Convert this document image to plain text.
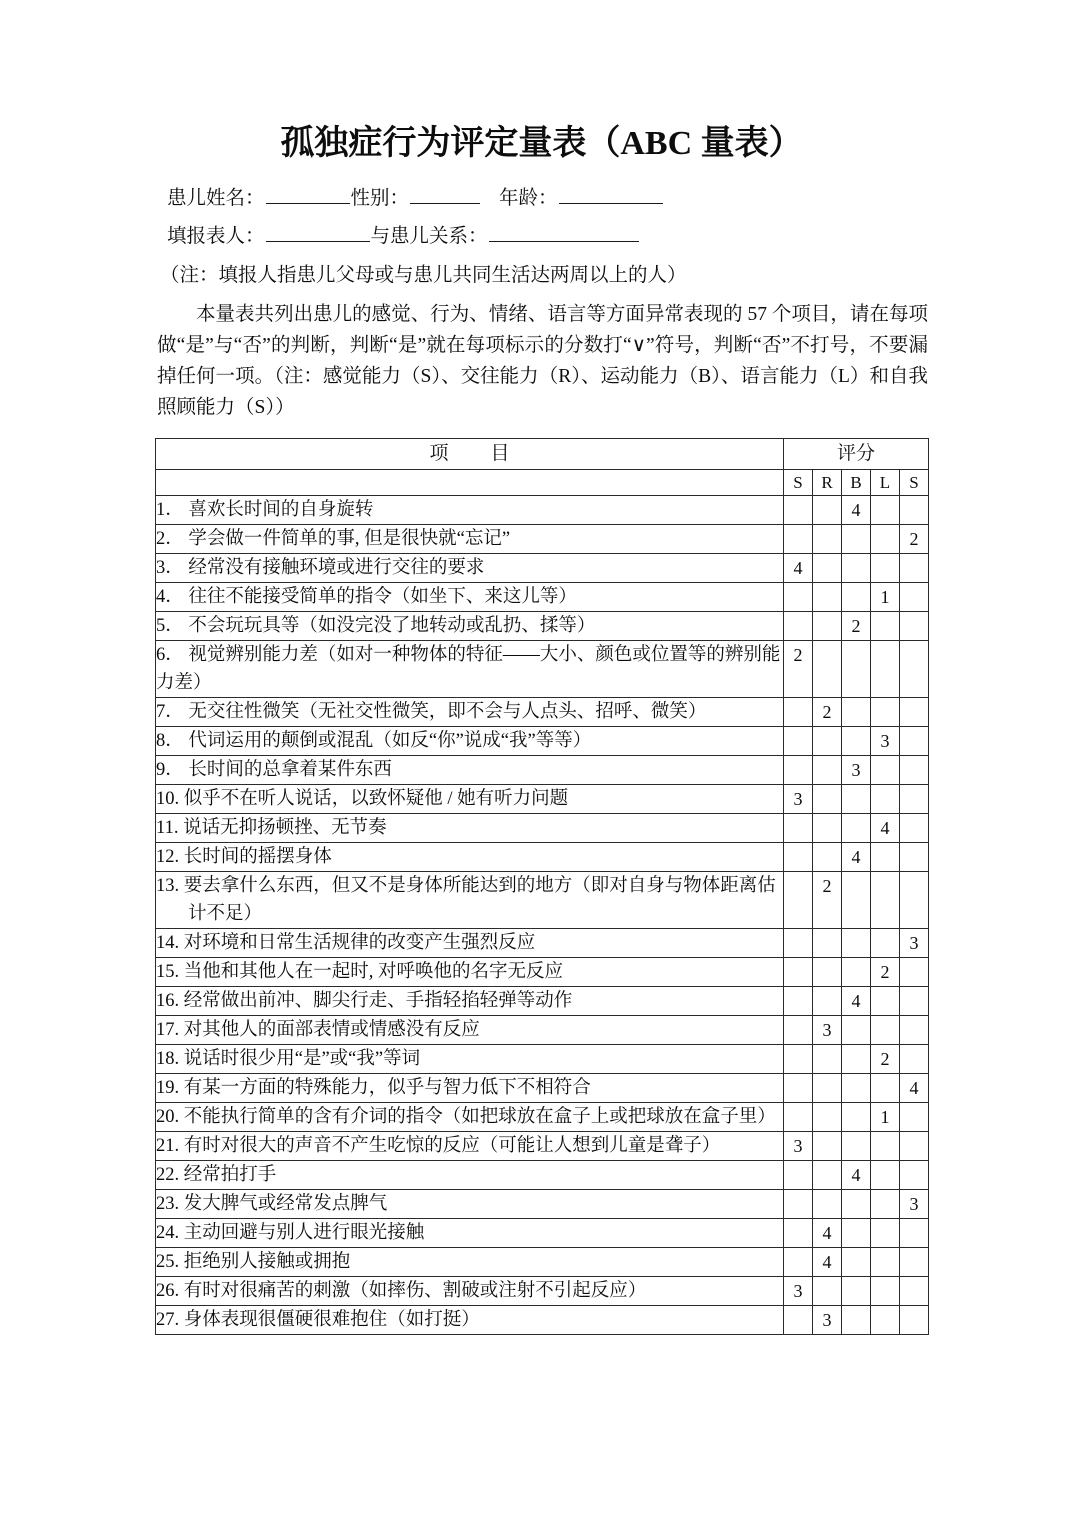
孤独症行为评定量表（ABC 量表）

患儿姓名：	性别：	年龄：

填报表人：	与患儿关系：

（注：填报人指患儿父母或与患儿共同生活达两周以上的人）

本量表共列出患儿的感觉、行为、情绪、语言等方面异常表现的 57 个项目，请在每项做“是”与“否”的判断，判断“是”就在每项标示的分数打“∨”符号，判断“否”不打号，不要漏掉任何一项。（注：感觉能力（S）、交往能力（R）、运动能力（B）、语言能力（L）和自我照顾能力（S））

项 目	评分				
	S	R	B	L	S

1． 喜欢长时间的自身旋转			4		

2． 学会做一件简单的事, 但是很快就“忘记”					2

3． 经常没有接触环境或进行交往的要求	4				

4． 往往不能接受简单的指令（如坐下、来这儿等）				1	

5． 不会玩玩具等（如没完没了地转动或乱扔、揉等）			2		

6． 视觉辨别能力差（如对一种物体的特征——大小、颜色或位置等的辨别能力差）	2				

7． 无交往性微笑（无社交性微笑，即不会与人点头、招呼、微笑）		2			

8． 代词运用的颠倒或混乱（如反“你”说成“我”等等）				3	

9． 长时间的总拿着某件东西			3		

10. 似乎不在听人说话，以致怀疑他 / 她有听力问题	3				

11. 说话无抑扬顿挫、无节奏				4	

12. 长时间的摇摆身体			4		

13. 要去拿什么东西，但又不是身体所能达到的地方（即对自身与物体距离估计不足）		2			

14. 对环境和日常生活规律的改变产生强烈反应					3

15. 当他和其他人在一起时, 对呼唤他的名字无反应				2	

16. 经常做出前冲、脚尖行走、手指轻掐轻弹等动作			4		

17. 对其他人的面部表情或情感没有反应		3			

18. 说话时很少用“是”或“我”等词				2	

19. 有某一方面的特殊能力，似乎与智力低下不相符合					4

20. 不能执行简单的含有介词的指令（如把球放在盒子上或把球放在盒子里）				1	

21. 有时对很大的声音不产生吃惊的反应（可能让人想到儿童是聋子）	3				

22. 经常拍打手			4		

23. 发大脾气或经常发点脾气					3

24. 主动回避与别人进行眼光接触		4			

25. 拒绝别人接触或拥抱		4			

26. 有时对很痛苦的刺激（如摔伤、割破或注射不引起反应）	3				

27. 身体表现很僵硬很难抱住（如打挺）		3			
